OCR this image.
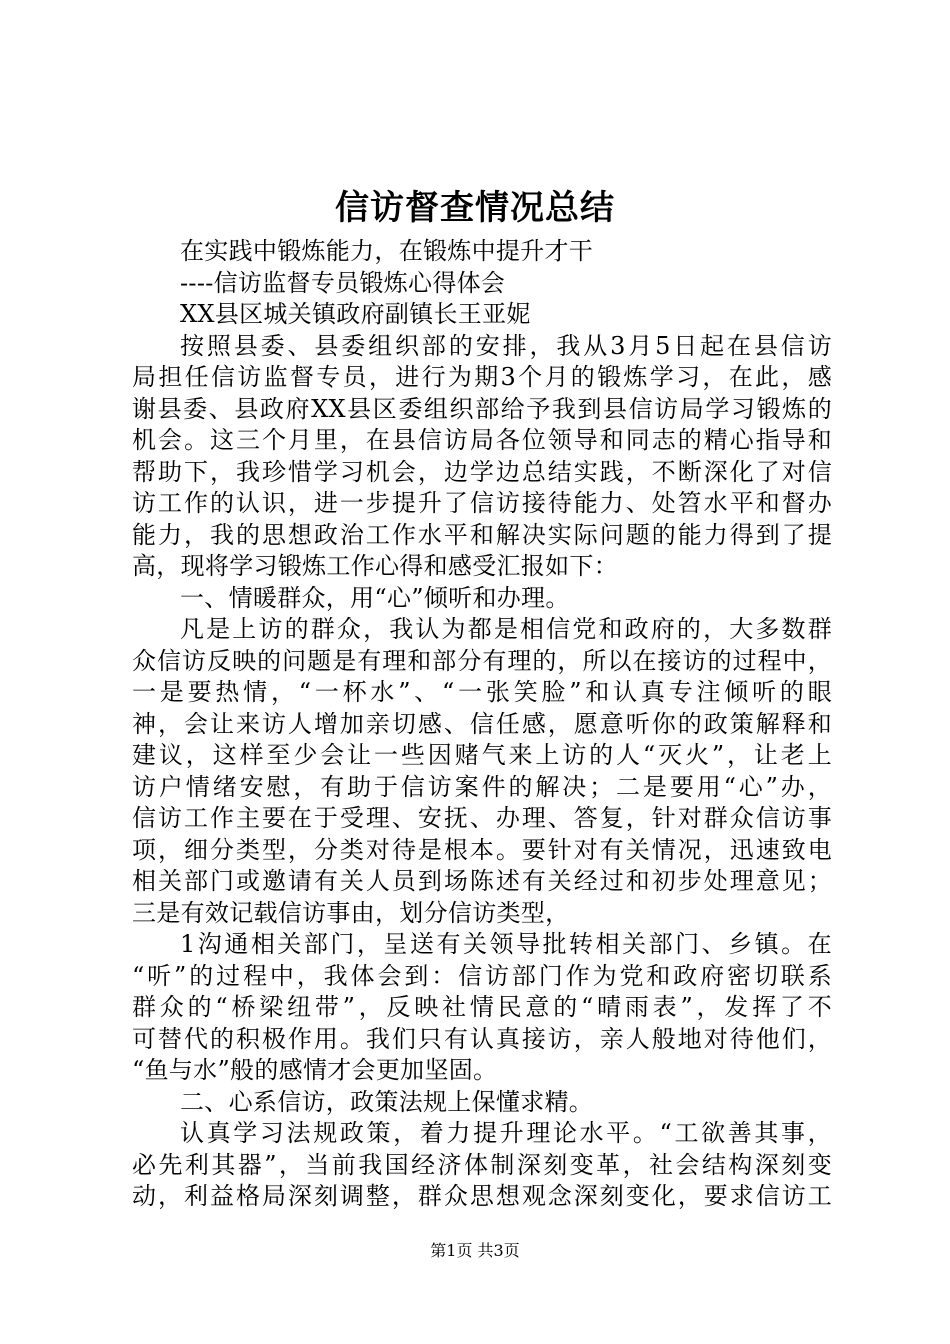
信访督查情况总结
在实践中锻炼能力，在锻炼中提升才干
----信访监督专员锻炼心得体会
XX县区城关镇政府副镇长王亚妮
按照县委、县委组织部的安排，我从3月5日起在县信访
局担任信访监督专员，进行为期3个月的锻炼学习，在此，感
谢县委、县政府XX县区委组织部给予我到县信访局学习锻炼的
机会。这三个月里，在县信访局各位领导和同志的精心指导和
帮助下，我珍惜学习机会，边学边总结实践，不断深化了对信
访工作的认识，进一步提升了信访接待能力、处笤水平和督办
能力，我的思想政治工作水平和解决实际问题的能力得到了提
高，现将学习锻炼工作心得和感受汇报如下：
一、情暖群众，用“心”倾听和办理。
凡是上访的群众，我认为都是相信党和政府的，大多数群
众信访反映的问题是有理和部分有理的，所以在接访的过程中，
一是要热情，“一杯水”、“一张笑脸”和认真专注倾听的眼
神，会让来访人增加亲切感、信任感，愿意听你的政策解释和
建议，这样至少会让一些因赌气来上访的人“灭火”，让老上
访户情绪安慰，有助于信访案件的解决；二是要用“心”办，
信访工作主要在于受理、安抚、办理、答复，针对群众信访事
项，细分类型，分类对待是根本。要针对有关情况，迅速致电
相关部门或邀请有关人员到场陈述有关经过和初步处理意见；
三是有效记载信访事由，划分信访类型，
1沟通相关部门，呈送有关领导批转相关部门、乡镇。在
“听”的过程中，我体会到：信访部门作为党和政府密切联系
群众的“桥梁纽带”，反映社情民意的“晴雨表”，发挥了不
可替代的积极作用。我们只有认真接访，亲人般地对待他们，
“鱼与水”般的感情才会更加坚固。
二、心系信访，政策法规上保懂求精。
认真学习法规政策，着力提升理论水平。“工欲善其事，
必先利其器”，当前我国经济体制深刻变革，社会结构深刻变
动，利益格局深刻调整，群众思想观念深刻变化，要求信访工
第1页 共3页
